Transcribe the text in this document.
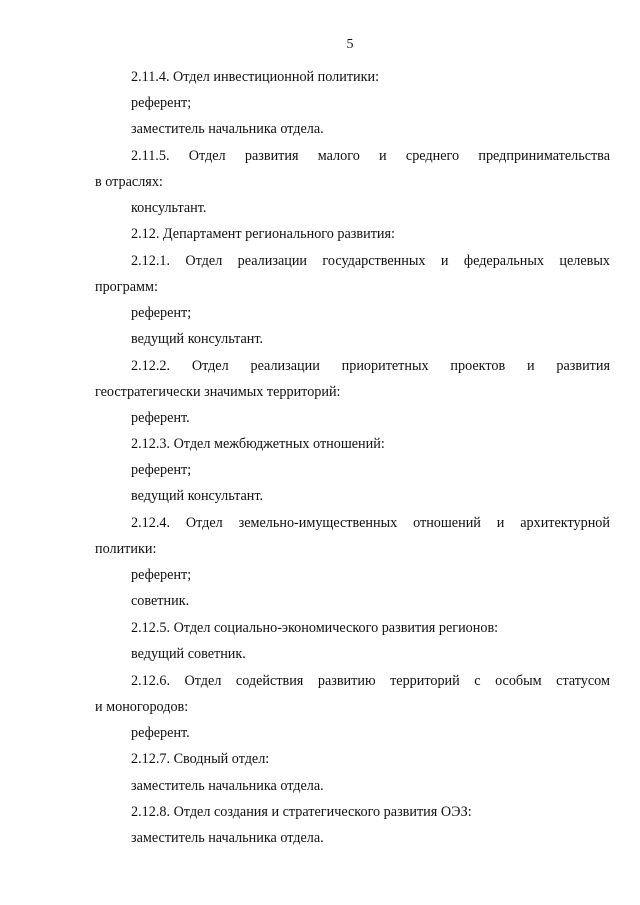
5
2.11.4. Отдел инвестиционной политики:
референт;
заместитель начальника отдела.
2.11.5. Отдел развития малого и среднего предпринимательства
в отраслях:
консультант.
2.12. Департамент регионального развития:
2.12.1. Отдел реализации государственных и федеральных целевых
программ:
референт;
ведущий консультант.
2.12.2. Отдел реализации приоритетных проектов и развития
геостратегически значимых территорий:
референт.
2.12.3. Отдел межбюджетных отношений:
референт;
ведущий консультант.
2.12.4. Отдел земельно-имущественных отношений и архитектурной
политики:
референт;
советник.
2.12.5. Отдел социально-экономического развития регионов:
ведущий советник.
2.12.6. Отдел содействия развитию территорий с особым статусом
и моногородов:
референт.
2.12.7. Сводный отдел:
заместитель начальника отдела.
2.12.8. Отдел создания и стратегического развития ОЭЗ:
заместитель начальника отдела.
